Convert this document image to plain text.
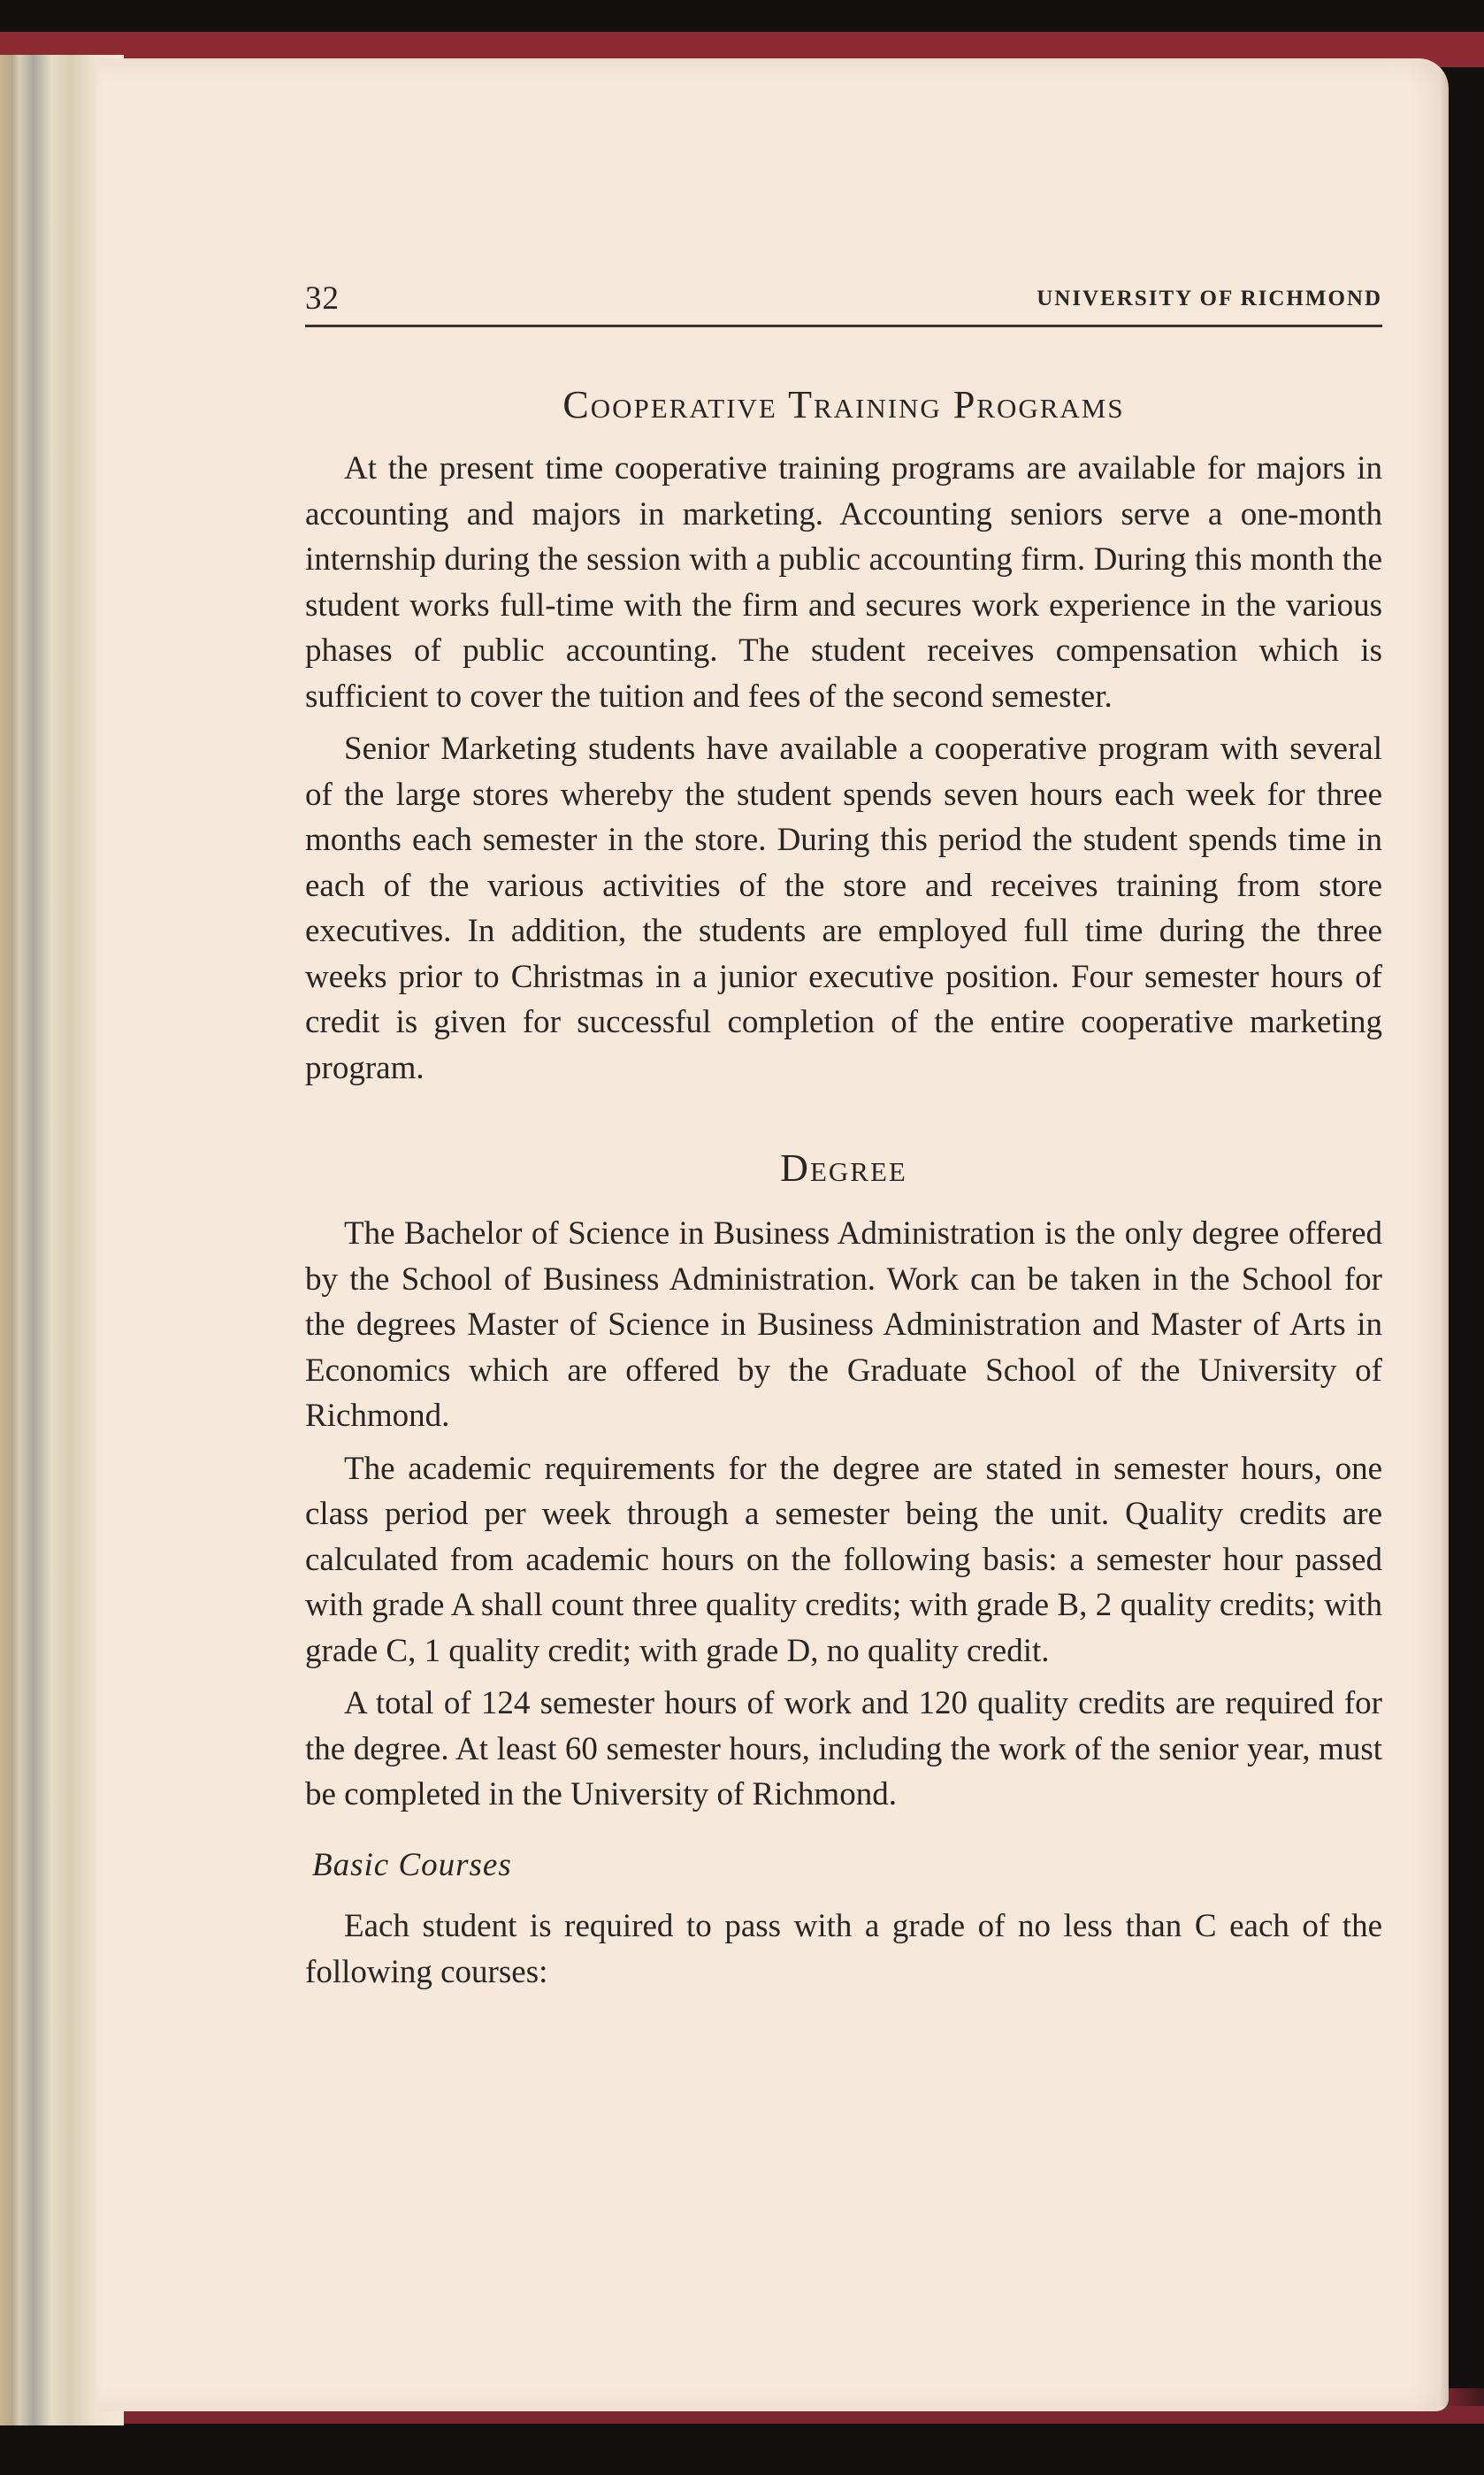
32	UNIVERSITY OF RICHMOND
Cooperative Training Programs

At the present time cooperative training programs are available for majors in accounting and majors in marketing. Accounting seniors serve a one-month internship during the session with a public accounting firm. During this month the student works full-time with the firm and secures work experience in the various phases of public accounting. The student receives compensation which is sufficient to cover the tuition and fees of the second semester.

Senior Marketing students have available a cooperative program with several of the large stores whereby the student spends seven hours each week for three months each semester in the store. During this period the student spends time in each of the various activities of the store and receives training from store executives. In addition, the students are employed full time during the three weeks prior to Christmas in a junior executive position. Four semester hours of credit is given for successful completion of the entire cooperative marketing program.

Degree

The Bachelor of Science in Business Administration is the only degree offered by the School of Business Administration. Work can be taken in the School for the degrees Master of Science in Business Administration and Master of Arts in Economics which are offered by the Graduate School of the University of Richmond.

The academic requirements for the degree are stated in semester hours, one class period per week through a semester being the unit. Quality credits are calculated from academic hours on the following basis: a semester hour passed with grade A shall count three quality credits; with grade B, 2 quality credits; with grade C, 1 quality credit; with grade D, no quality credit.

A total of 124 semester hours of work and 120 quality credits are required for the degree. At least 60 semester hours, including the work of the senior year, must be completed in the University of Richmond.

Basic Courses

Each student is required to pass with a grade of no less than C each of the following courses:
